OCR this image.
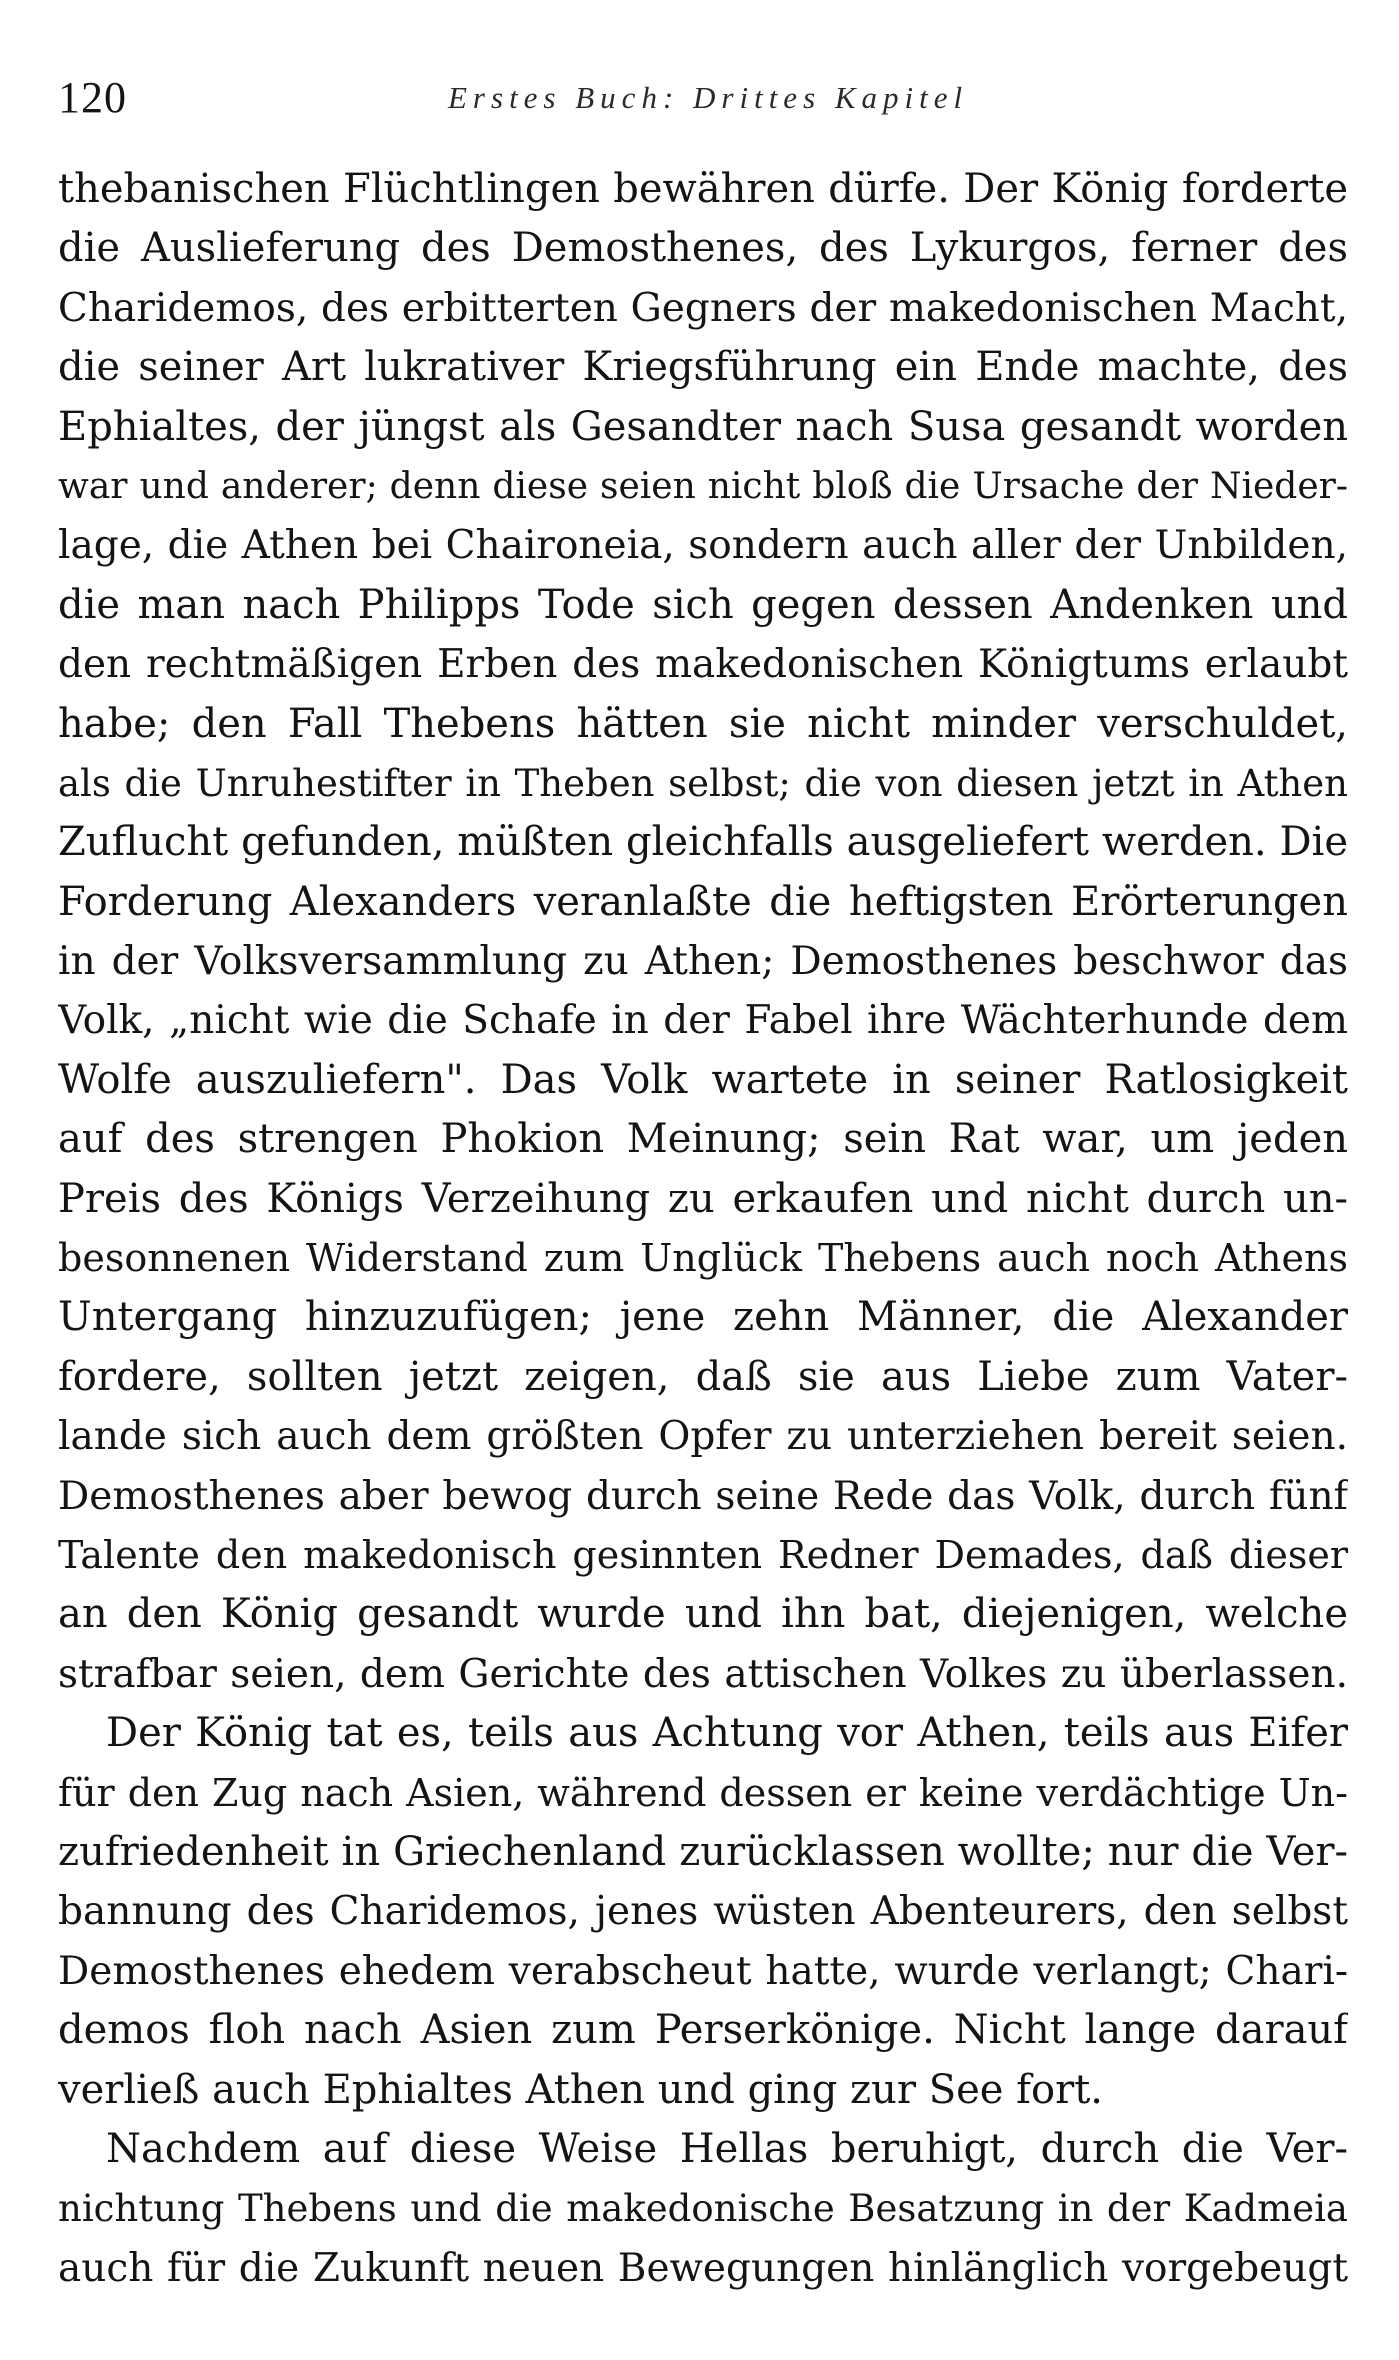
120	Erstes Buch: Drittes Kapitel
thebanischen Flüchtlingen bewähren dürfe. Der König forderte
die Auslieferung des Demosthenes, des Lykurgos, ferner des
Charidemos, des erbitterten Gegners der makedonischen Macht,
die seiner Art lukrativer Kriegsführung ein Ende machte, des
Ephialtes, der jüngst als Gesandter nach Susa gesandt worden
war und anderer; denn diese seien nicht bloß die Ursache der Nieder-
lage, die Athen bei Chaironeia, sondern auch aller der Unbilden,
die man nach Philipps Tode sich gegen dessen Andenken und
den rechtmäßigen Erben des makedonischen Königtums erlaubt
habe; den Fall Thebens hätten sie nicht minder verschuldet,
als die Unruhestifter in Theben selbst; die von diesen jetzt in Athen
Zuflucht gefunden, müßten gleichfalls ausgeliefert werden. Die
Forderung Alexanders veranlaßte die heftigsten Erörterungen
in der Volksversammlung zu Athen; Demosthenes beschwor das
Volk, „nicht wie die Schafe in der Fabel ihre Wächterhunde dem
Wolfe auszuliefern". Das Volk wartete in seiner Ratlosigkeit
auf des strengen Phokion Meinung; sein Rat war, um jeden
Preis des Königs Verzeihung zu erkaufen und nicht durch un-
besonnenen Widerstand zum Unglück Thebens auch noch Athens
Untergang hinzuzufügen; jene zehn Männer, die Alexander
fordere, sollten jetzt zeigen, daß sie aus Liebe zum Vater-
lande sich auch dem größten Opfer zu unterziehen bereit seien.
Demosthenes aber bewog durch seine Rede das Volk, durch fünf
Talente den makedonisch gesinnten Redner Demades, daß dieser
an den König gesandt wurde und ihn bat, diejenigen, welche
strafbar seien, dem Gerichte des attischen Volkes zu überlassen.
Der König tat es, teils aus Achtung vor Athen, teils aus Eifer
für den Zug nach Asien, während dessen er keine verdächtige Un-
zufriedenheit in Griechenland zurücklassen wollte; nur die Ver-
bannung des Charidemos, jenes wüsten Abenteurers, den selbst
Demosthenes ehedem verabscheut hatte, wurde verlangt; Chari-
demos floh nach Asien zum Perserkönige. Nicht lange darauf
verließ auch Ephialtes Athen und ging zur See fort.
Nachdem auf diese Weise Hellas beruhigt, durch die Ver-
nichtung Thebens und die makedonische Besatzung in der Kadmeia
auch für die Zukunft neuen Bewegungen hinlänglich vorgebeugt
